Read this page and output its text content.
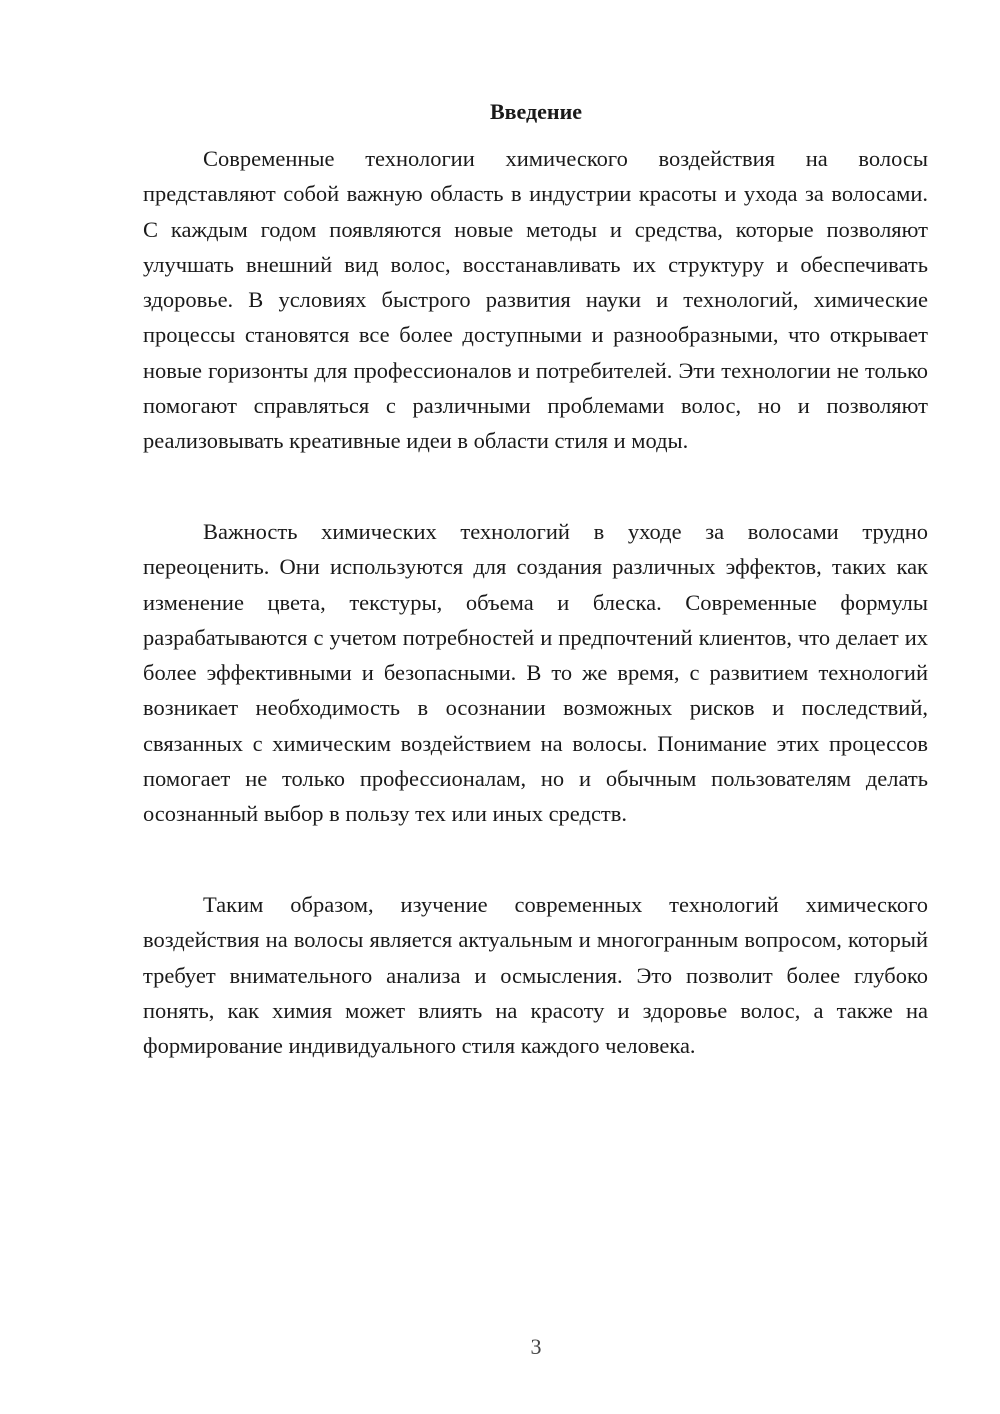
Введение

Современные технологии химического воздействия на волосы представляют собой важную область в индустрии красоты и ухода за волосами. С каждым годом появляются новые методы и средства, которые позволяют улучшать внешний вид волос, восстанавливать их структуру и обеспечивать здоровье. В условиях быстрого развития науки и технологий, химические процессы становятся все более доступными и разнообразными, что открывает новые горизонты для профессионалов и потребителей. Эти технологии не только помогают справляться с различными проблемами волос, но и позволяют реализовывать креативные идеи в области стиля и моды.

Важность химических технологий в уходе за волосами трудно переоценить. Они используются для создания различных эффектов, таких как изменение цвета, текстуры, объема и блеска. Современные формулы разрабатываются с учетом потребностей и предпочтений клиентов, что делает их более эффективными и безопасными. В то же время, с развитием технологий возникает необходимость в осознании возможных рисков и последствий, связанных с химическим воздействием на волосы. Понимание этих процессов помогает не только профессионалам, но и обычным пользователям делать осознанный выбор в пользу тех или иных средств.

Таким образом, изучение современных технологий химического воздействия на волосы является актуальным и многогранным вопросом, который требует внимательного анализа и осмысления. Это позволит более глубоко понять, как химия может влиять на красоту и здоровье волос, а также на формирование индивидуального стиля каждого человека.

3
